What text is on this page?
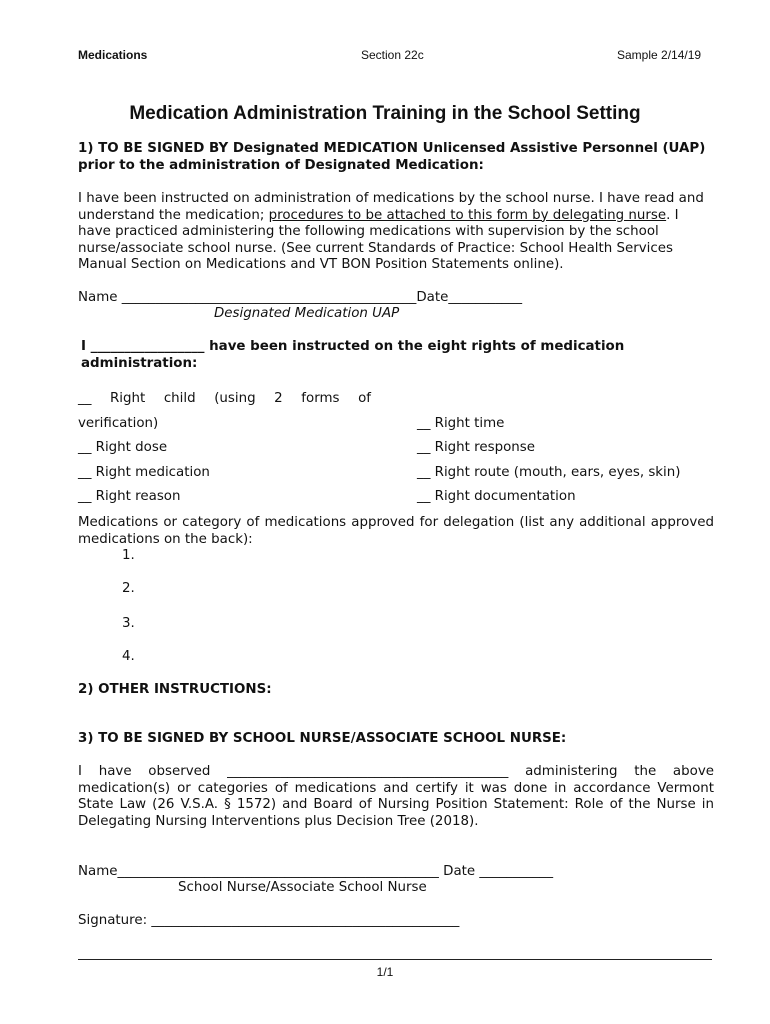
Medications	Section 22c	Sample 2/14/19
Medication Administration Training in the School Setting
1) TO BE SIGNED BY Designated MEDICATION Unlicensed Assistive Personnel (UAP) prior to the administration of Designated Medication:
I have been instructed on administration of medications by the school nurse. I have read and understand the medication; procedures to be attached to this form by delegating nurse. I have practiced administering the following medications with supervision by the school nurse/associate school nurse. (See current Standards of Practice: School Health Services Manual Section on Medications and VT BON Position Statements online).
Name ____________________________________________Date___________
Designated Medication UAP
I _________________ have been instructed on the eight rights of medication administration:
__ Right child (using 2 forms of
verification)
__ Right dose
__ Right medication
__ Right reason
__ Right time
__ Right response
__ Right route (mouth, ears, eyes, skin)
__ Right documentation
Medications or category of medications approved for delegation (list any additional approved medications on the back):
1.
2.
3.
4.
2) OTHER INSTRUCTIONS:
3) TO BE SIGNED BY SCHOOL NURSE/ASSOCIATE SCHOOL NURSE:
I have observed __________________________________________ administering the above medication(s) or categories of medications and certify it was done in accordance Vermont State Law (26 V.S.A. § 1572) and Board of Nursing Position Statement: Role of the Nurse in Delegating Nursing Interventions plus Decision Tree (2018).
Name________________________________________________ Date ___________
School Nurse/Associate School Nurse
Signature: ______________________________________________
1/1
